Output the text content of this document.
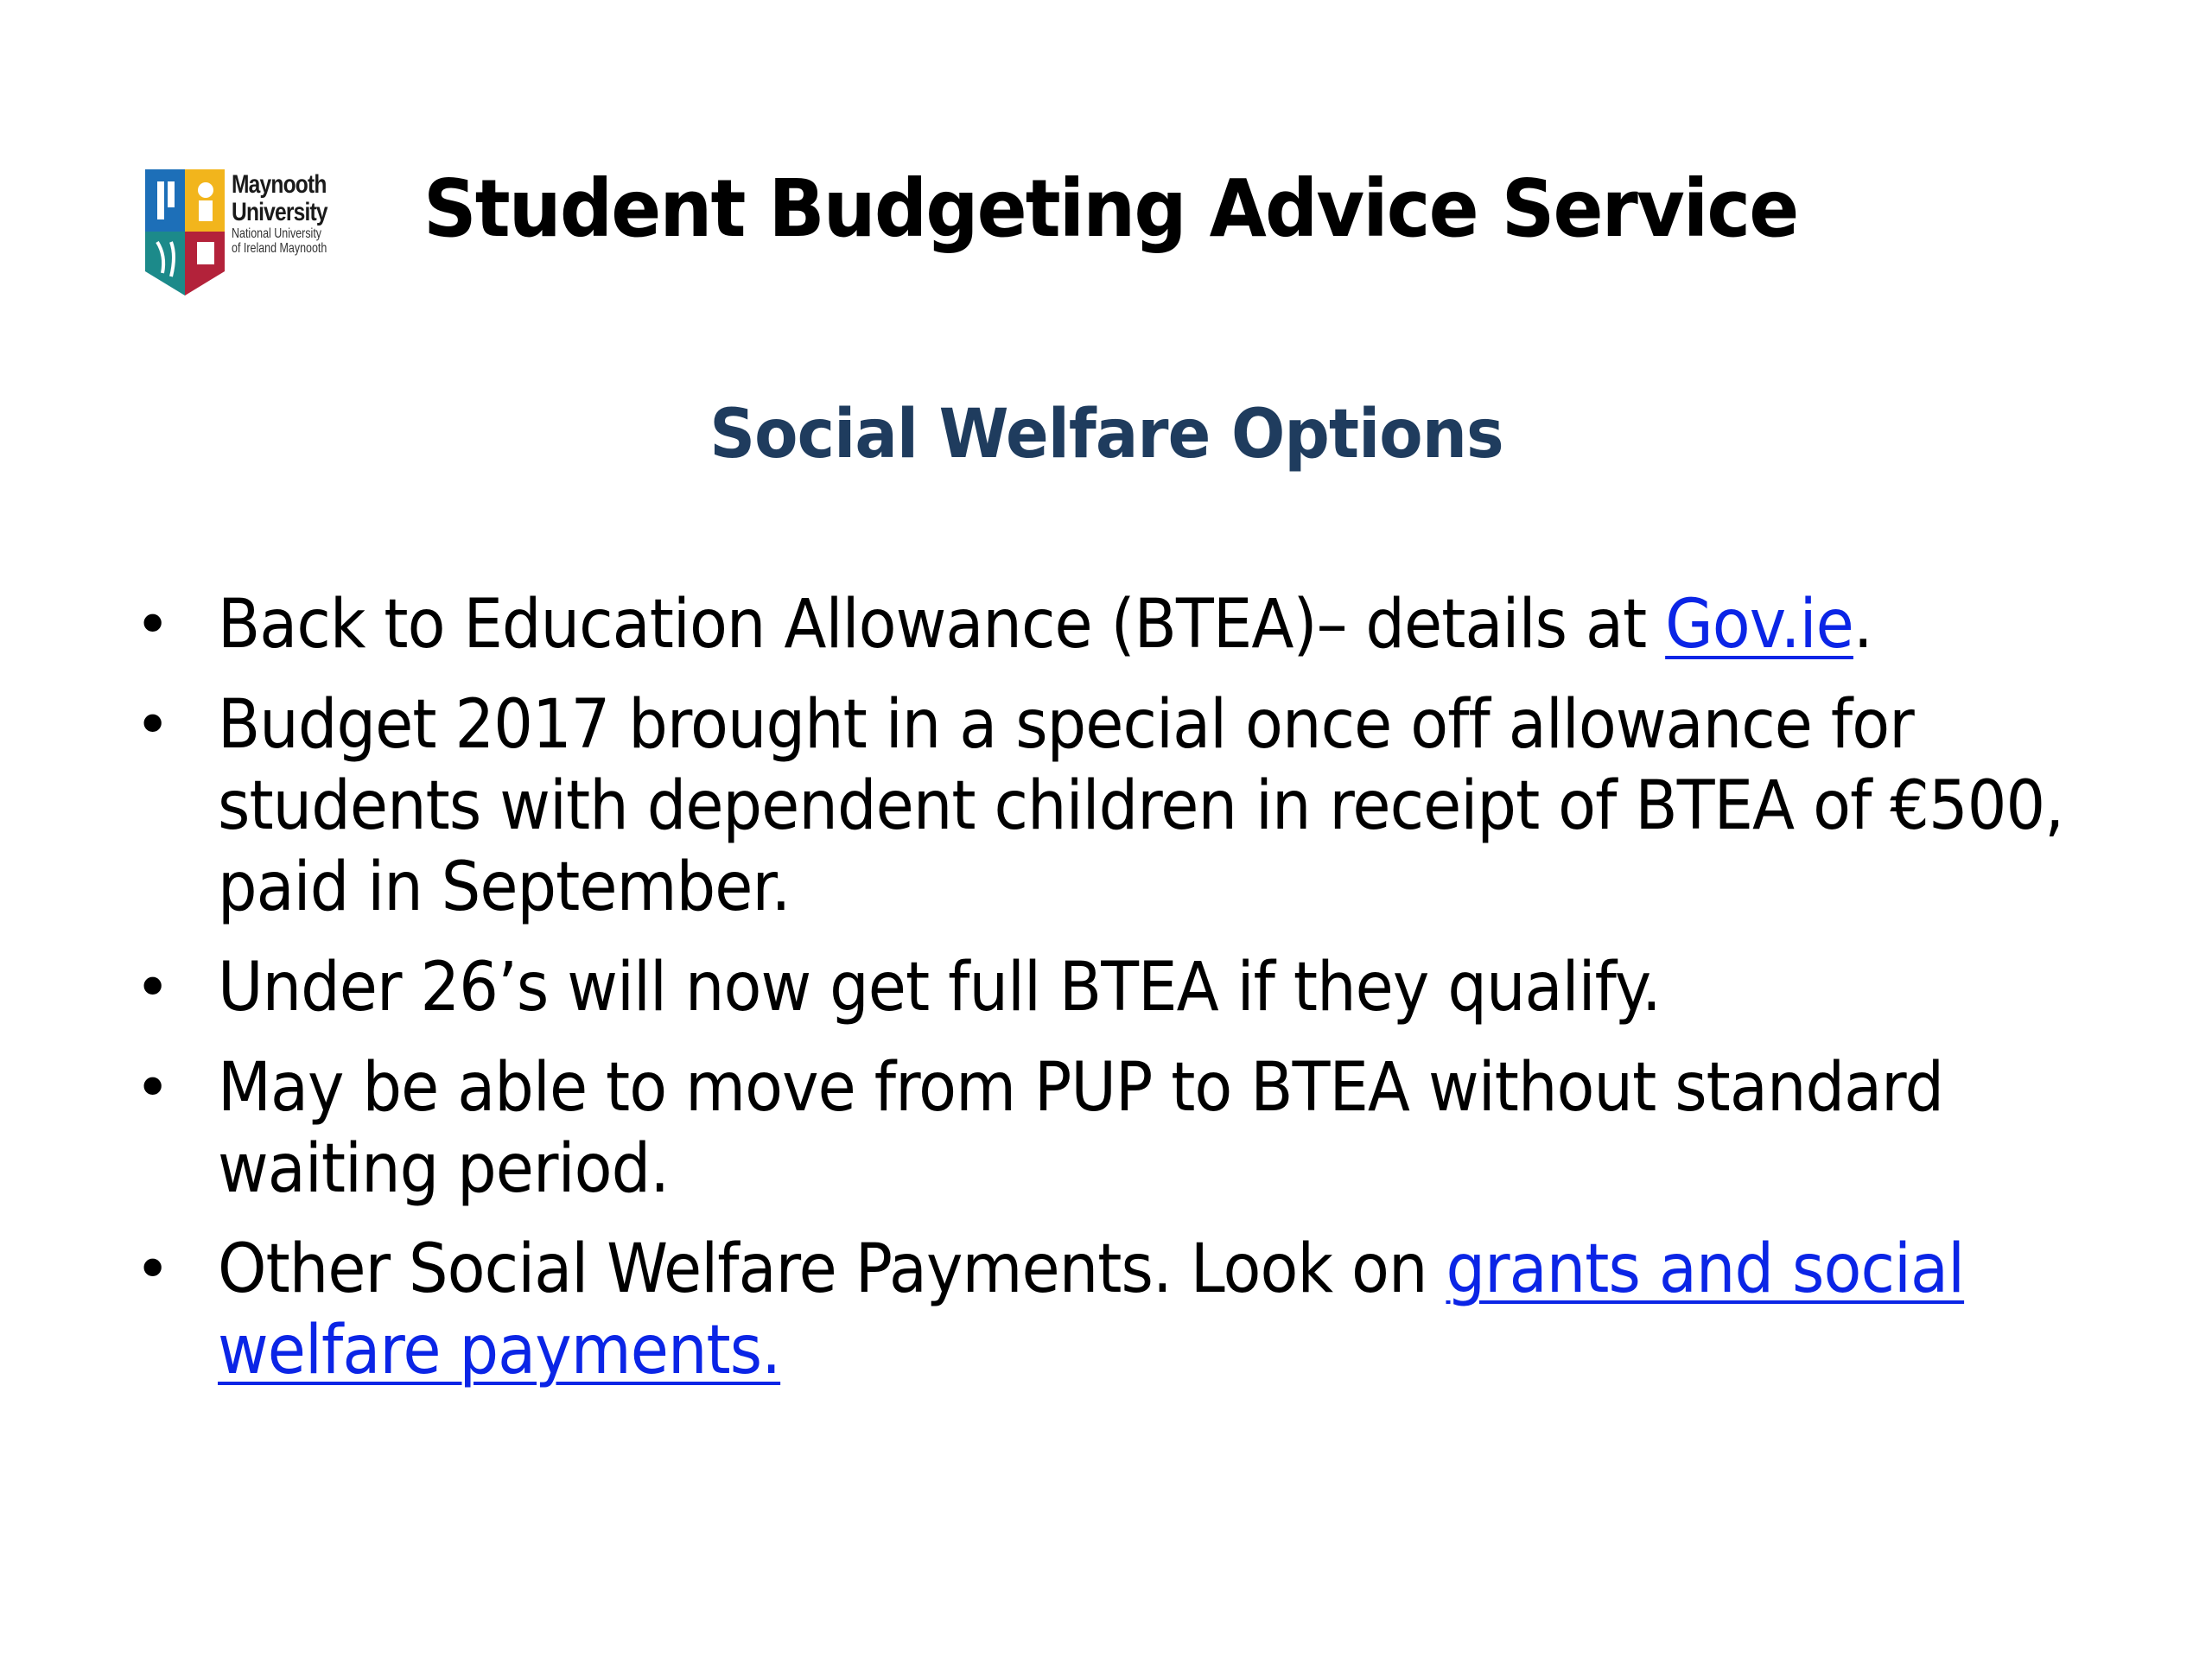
Maynooth
University
National University
of Ireland Maynooth Student Budgeting Advice Service
Social Welfare Options
• Back to Education Allowance (BTEA)– details at Gov.ie.
• Budget 2017 brought in a special once off allowance for students with dependent children in receipt of BTEA of €500, paid in September.
• Under 26’s will now get full BTEA if they qualify.
• May be able to move from PUP to BTEA without standard waiting period.
• Other Social Welfare Payments. Look on grants and social welfare payments.
